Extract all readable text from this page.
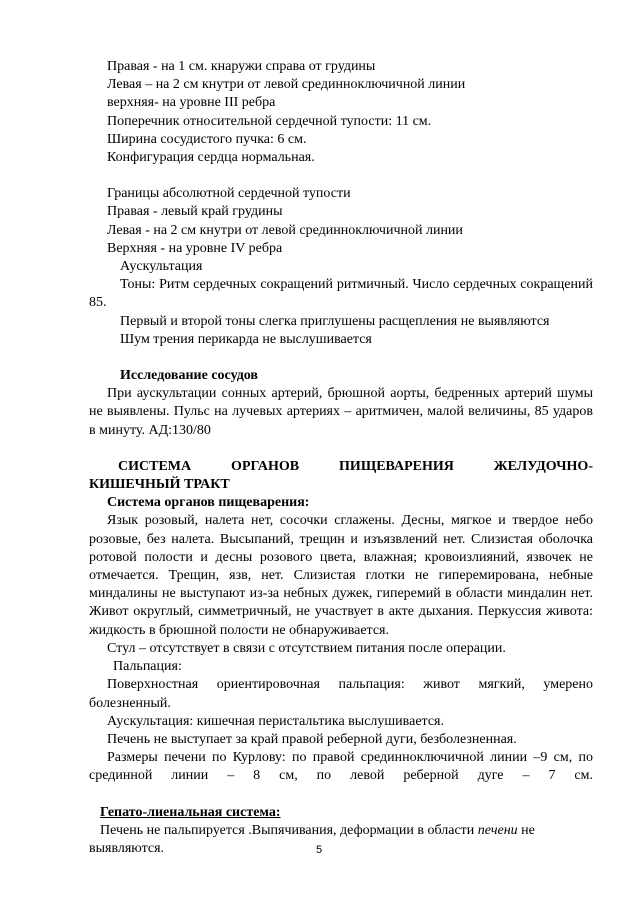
Правая - на 1 см. кнаружи справа от грудины

Левая – на 2 см кнутри от левой срединноключичной линии

верхняя- на уровне III ребра

Поперечник относительной сердечной тупости: 11 см.

Ширина сосудистого пучка: 6 см.

Конфигурация сердца нормальная.

Границы абсолютной сердечной тупости

Правая - левый край грудины

Левая - на 2 см кнутри от левой срединноключичной линии

Верхняя - на уровне IV ребра

Аускультация

Тоны: Ритм сердечных сокращений ритмичный. Число сердечных сокращений 85.

Первый и второй тоны слегка приглушены расщепления не выявляются

Шум трения перикарда не выслушивается

Исследование сосудов

При аускультации сонных артерий, брюшной аорты, бедренных артерий шумы не выявлены. Пульс на лучевых артериях – аритмичен, малой величины, 85 ударов в минуту. АД:130/80

СИСТЕМА ОРГАНОВ ПИЩЕВАРЕНИЯ ЖЕЛУДОЧНО-

КИШЕЧНЫЙ ТРАКТ

Система органов пищеварения:

Язык розовый, налета нет, сосочки сглажены. Десны, мягкое и твердое небо розовые, без налета. Высыпаний, трещин и изъязвлений нет. Слизистая оболочка ротовой полости и десны розового цвета, влажная; кровоизлияний, язвочек не отмечается. Трещин, язв, нет. Слизистая глотки не гиперемирована, небные миндалины не выступают из-за небных дужек, гиперемий в области миндалин нет. Живот округлый, симметричный, не участвует в акте дыхания. Перкуссия живота: жидкость в брюшной полости не обнаруживается.

Стул – отсутствует в связи с отсутствием питания после операции.

Пальпация:

Поверхностная ориентировочная пальпация: живот мягкий, умерено болезненный.

Аускультация: кишечная перистальтика выслушивается.

Печень не выступает за край правой реберной дуги, безболезненная.

Размеры печени по Курлову: по правой срединноключичной линии –9 см, по срединной линии – 8 см, по левой реберной дуге – 7 см.

Гепато-лиенальная система:

Печень не пальпируется .Выпячивания, деформации в области печени не выявляются.	5
